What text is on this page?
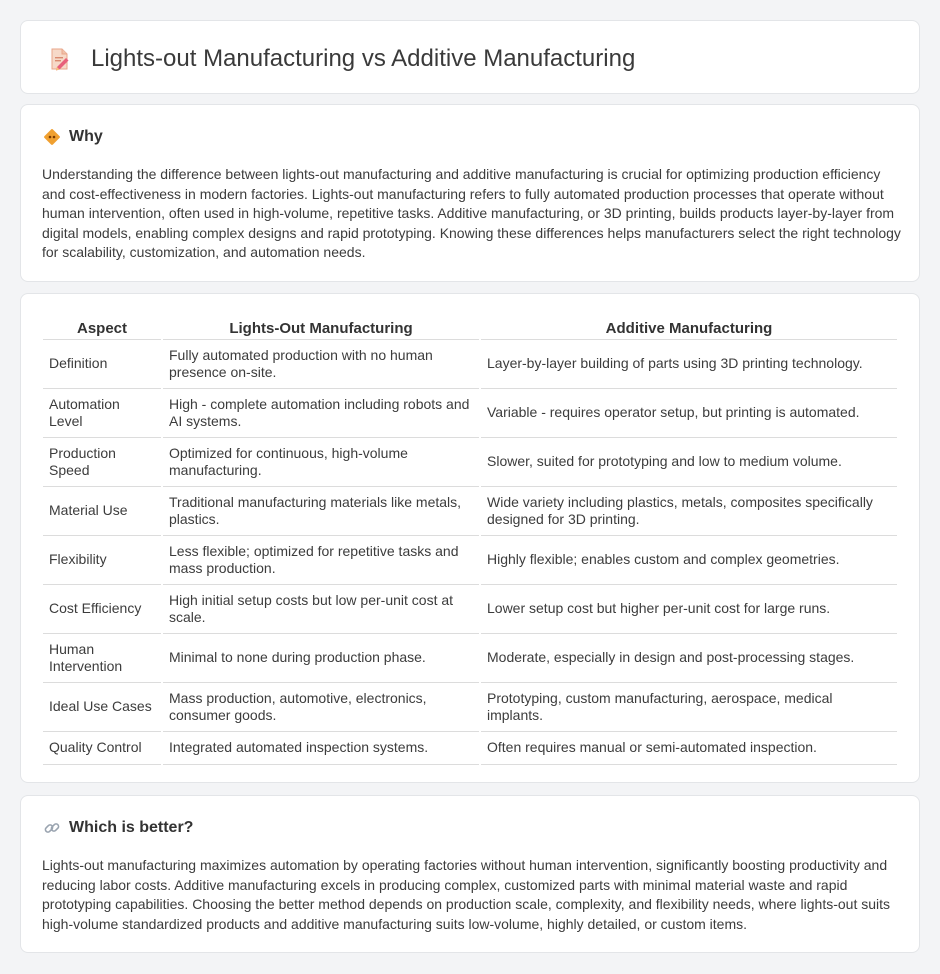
Lights-out Manufacturing vs Additive Manufacturing
Why

Understanding the difference between lights-out manufacturing and additive manufacturing is crucial for optimizing production efficiency and cost-effectiveness in modern factories. Lights-out manufacturing refers to fully automated production processes that operate without human intervention, often used in high-volume, repetitive tasks. Additive manufacturing, or 3D printing, builds products layer-by-layer from digital models, enabling complex designs and rapid prototyping. Knowing these differences helps manufacturers select the right technology for scalability, customization, and automation needs.

Aspect	Lights-Out Manufacturing	Additive Manufacturing
Definition	Fully automated production with no human presence on-site.	Layer-by-layer building of parts using 3D printing technology.
Automation Level	High - complete automation including robots and AI systems.	Variable - requires operator setup, but printing is automated.
Production Speed	Optimized for continuous, high-volume manufacturing.	Slower, suited for prototyping and low to medium volume.
Material Use	Traditional manufacturing materials like metals, plastics.	Wide variety including plastics, metals, composites specifically designed for 3D printing.
Flexibility	Less flexible; optimized for repetitive tasks and mass production.	Highly flexible; enables custom and complex geometries.
Cost Efficiency	High initial setup costs but low per-unit cost at scale.	Lower setup cost but higher per-unit cost for large runs.
Human Intervention	Minimal to none during production phase.	Moderate, especially in design and post-processing stages.
Ideal Use Cases	Mass production, automotive, electronics, consumer goods.	Prototyping, custom manufacturing, aerospace, medical implants.
Quality Control	Integrated automated inspection systems.	Often requires manual or semi-automated inspection.
Which is better?

Lights-out manufacturing maximizes automation by operating factories without human intervention, significantly boosting productivity and reducing labor costs. Additive manufacturing excels in producing complex, customized parts with minimal material waste and rapid prototyping capabilities. Choosing the better method depends on production scale, complexity, and flexibility needs, where lights-out suits high-volume standardized products and additive manufacturing suits low-volume, highly detailed, or custom items.
